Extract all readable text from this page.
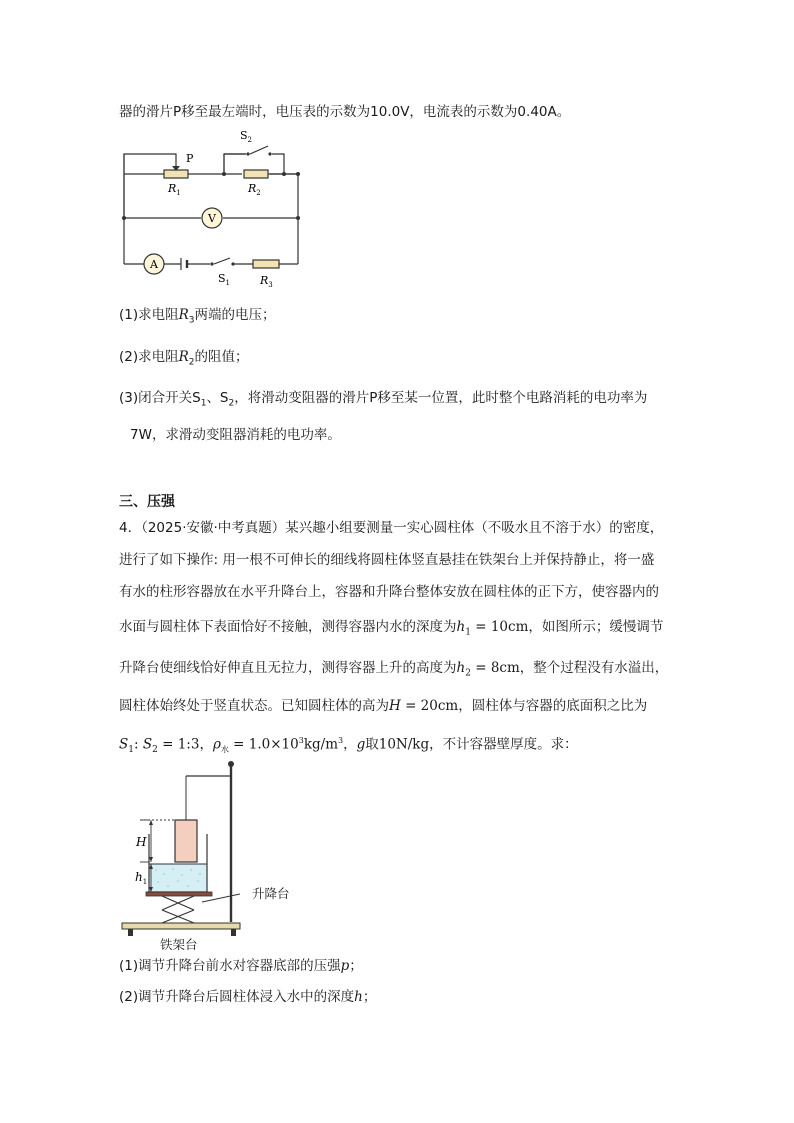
器的滑片P移至最左端时，电压表的示数为10.0V，电流表的示数为0.40A。
V
A
$S_2$
P
$R_1$	$R_2$
$S_1$	$R_3$
(1)求电阻$R_3$两端的电压；
(2)求电阻$R_2$的阻值；
(3)闭合开关$S_1$、$S_2$，将滑动变阻器的滑片P移至某一位置，此时整个电路消耗的电功率为
7W，求滑动变阻器消耗的电功率。
三、压强
4．（2025·安徽·中考真题）某兴趣小组要测量一实心圆柱体（不吸水且不溶于水）的密度，
进行了如下操作: 用一根不可伸长的细线将圆柱体竖直悬挂在铁架台上并保持静止，将一盛
有水的柱形容器放在水平升降台上，容器和升降台整体安放在圆柱体的正下方，使容器内的
水面与圆柱体下表面恰好不接触，测得容器内水的深度为$h_1 = 10cm$，如图所示；缓慢调节
升降台使细线恰好伸直且无拉力，测得容器上升的高度为$h_2 = 8cm$，整个过程没有水溢出，
圆柱体始终处于竖直状态。已知圆柱体的高为H = 20cm，圆柱体与容器的底面积之比为
$S_1$: $S_2$ = 1:3，$\rho_水 = 1.0\times 10^3kg/m^3$，g取10N/kg，不计容器壁厚度。求：
H
$h_1$
升降台
铁架台
(1)调节升降台前水对容器底部的压强p；
(2)调节升降台后圆柱体浸入水中的深度h；
